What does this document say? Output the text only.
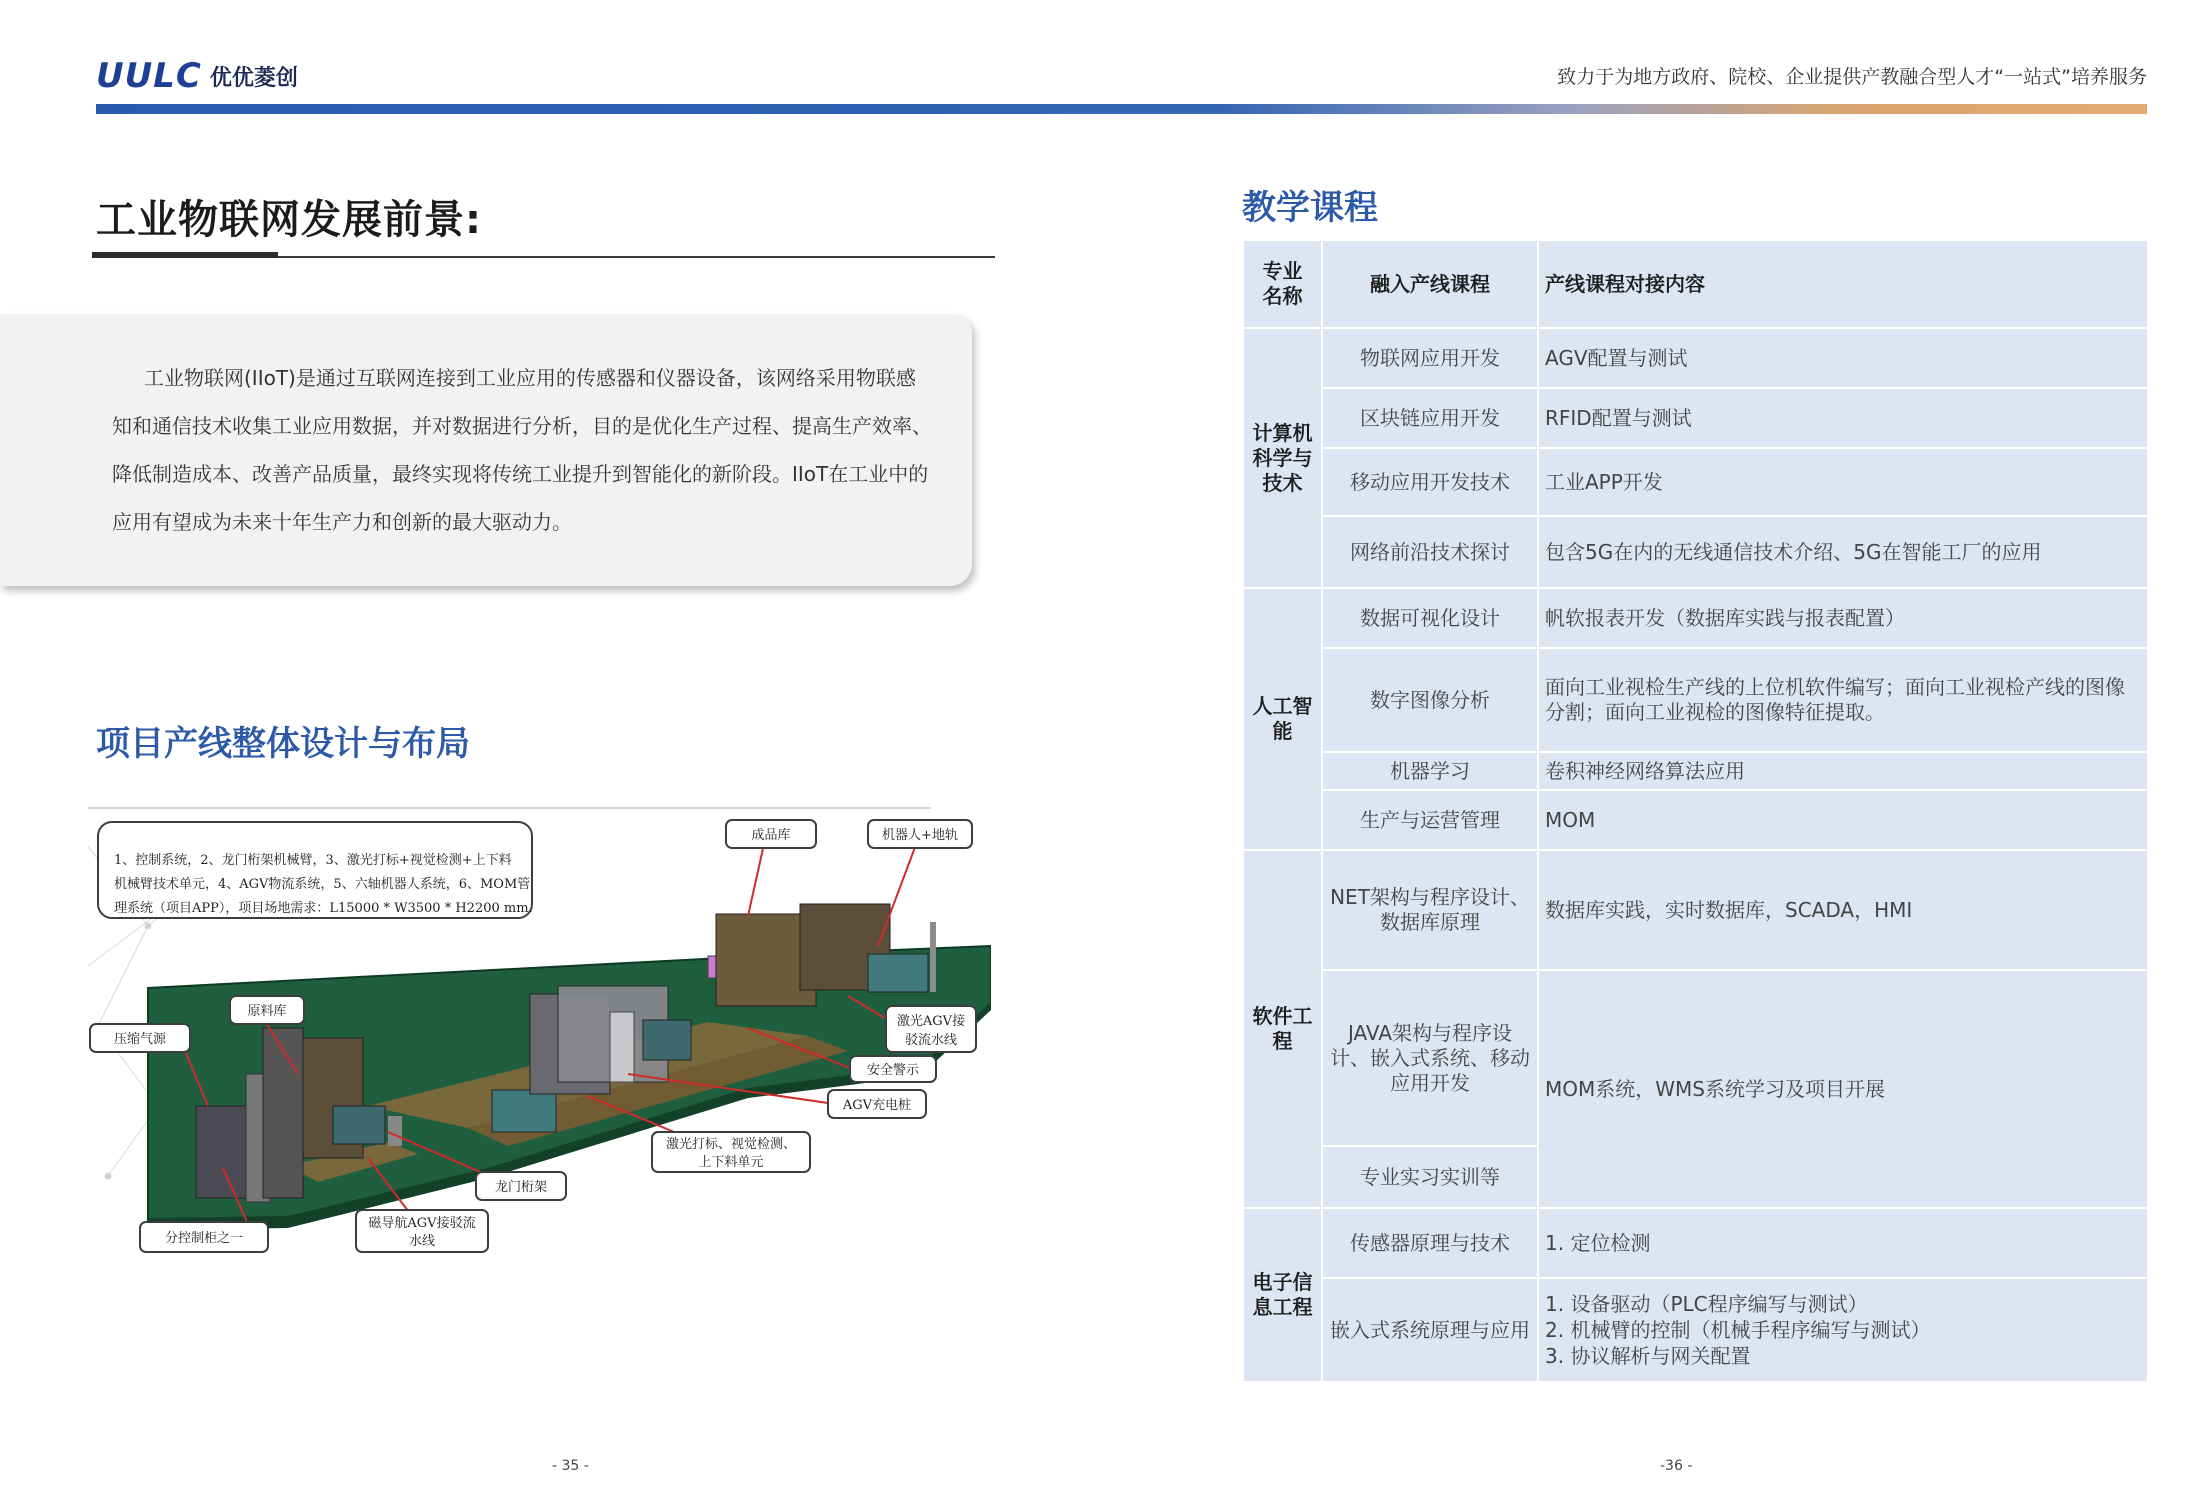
UULC 优优菱创	致力于为地方政府、院校、企业提供产教融合型人才“一站式”培养服务
工业物联网发展前景:
工业物联网(IIoT)是通过互联网连接到工业应用的传感器和仪器设备，该网络采用物联感知和通信技术收集工业应用数据，并对数据进行分析，目的是优化生产过程、提高生产效率、降低制造成本、改善产品质量，最终实现将传统工业提升到智能化的新阶段。IIoT在工业中的应用有望成为未来十年生产力和创新的最大驱动力。
项目产线整体设计与布局
1、控制系统，2、龙门桁架机械臂，3、激光打标+视觉检测+上下料
机械臂技术单元，4、AGV物流系统，5、六轴机器人系统，6、MOM管
理系统（项目APP），项目场地需求：L15000 * W3500 * H2200 mm.
成品库	机器人+地轨
原料库
压缩气源
激光AGV接
驳流水线
安全警示
AGV充电桩
激光打标、视觉检测、
上下料单元
龙门桁架
分控制柜之一
磁导航AGV接驳流
水线
- 35 -
教学课程
专业
名称	融入产线课程	产线课程对接内容
计算机科学与技术	物联网应用开发	AGV配置与测试
	区块链应用开发	RFID配置与测试
	移动应用开发技术	工业APP开发
	网络前沿技术探讨	包含5G在内的无线通信技术介绍、5G在智能工厂的应用
人工智能	数据可视化设计	帆软报表开发（数据库实践与报表配置）
	数字图像分析	面向工业视检生产线的上位机软件编写；面向工业视检产线的图像分割；面向工业视检的图像特征提取。
	机器学习	卷积神经网络算法应用
	生产与运营管理	MOM
软件工程	NET架构与程序设计、数据库原理	数据库实践，实时数据库，SCADA，HMI
	JAVA架构与程序设计、嵌入式系统、移动应用开发	MOM系统，WMS系统学习及项目开展
	专业实习实训等	
电子信息工程	传感器原理与技术	1. 定位检测
	嵌入式系统原理与应用	1. 设备驱动（PLC程序编写与测试）
2. 机械臂的控制（机械手程序编写与测试）
3. 协议解析与网关配置
-36 -
